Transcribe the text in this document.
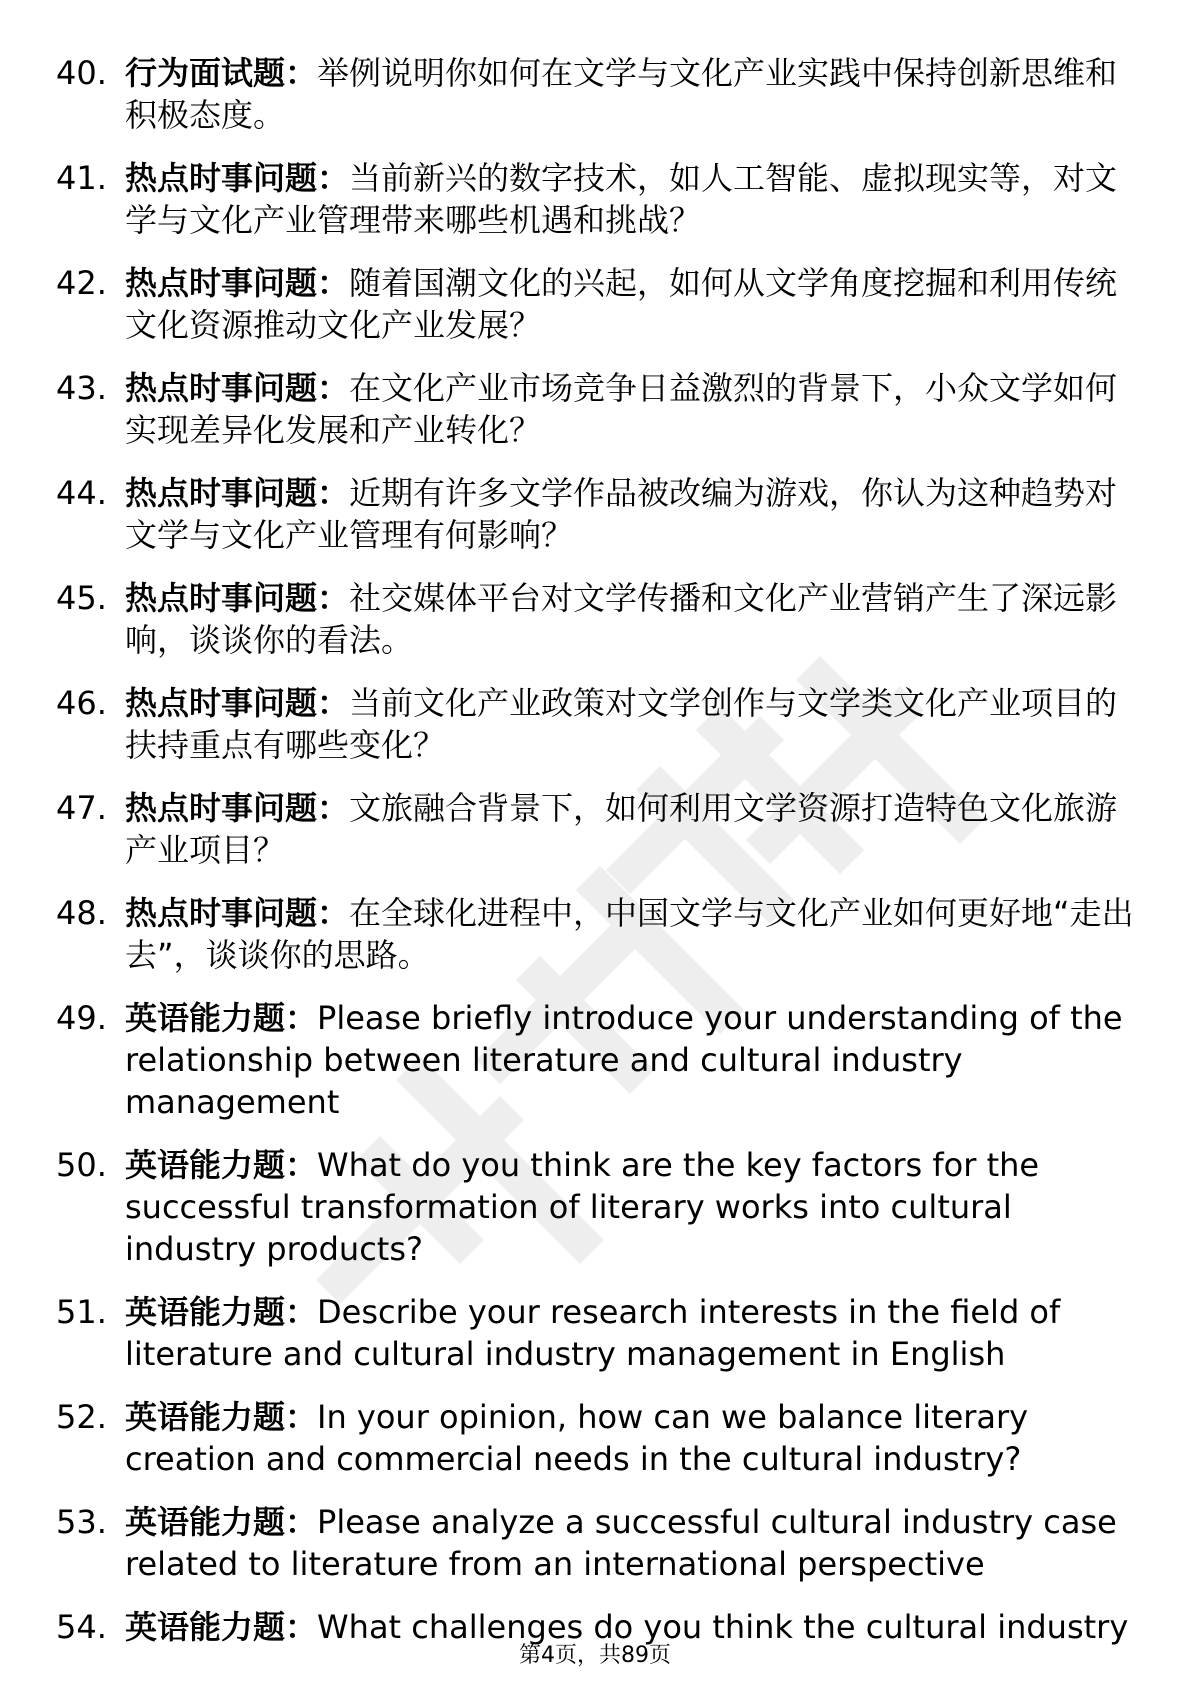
40. 行为面试题：举例说明你如何在文学与文化产业实践中保持创新思维和积极态度。
41. 热点时事问题：当前新兴的数字技术，如人工智能、虚拟现实等，对文学与文化产业管理带来哪些机遇和挑战？
42. 热点时事问题：随着国潮文化的兴起，如何从文学角度挖掘和利用传统文化资源推动文化产业发展？
43. 热点时事问题：在文化产业市场竞争日益激烈的背景下，小众文学如何实现差异化发展和产业转化？
44. 热点时事问题：近期有许多文学作品被改编为游戏，你认为这种趋势对文学与文化产业管理有何影响？
45. 热点时事问题：社交媒体平台对文学传播和文化产业营销产生了深远影响，谈谈你的看法。
46. 热点时事问题：当前文化产业政策对文学创作与文学类文化产业项目的扶持重点有哪些变化？
47. 热点时事问题：文旅融合背景下，如何利用文学资源打造特色文化旅游产业项目？
48. 热点时事问题：在全球化进程中，中国文学与文化产业如何更好地“走出去”，谈谈你的思路。
49. 英语能力题：Please briefly introduce your understanding of the relationship between literature and cultural industry management
50. 英语能力题：What do you think are the key factors for the successful transformation of literary works into cultural industry products?
51. 英语能力题：Describe your research interests in the field of literature and cultural industry management in English
52. 英语能力题：In your opinion, how can we balance literary creation and commercial needs in the cultural industry?
53. 英语能力题：Please analyze a successful cultural industry case related to literature from an international perspective
54. 英语能力题：What challenges do you think the cultural industry
第4页，共89页
